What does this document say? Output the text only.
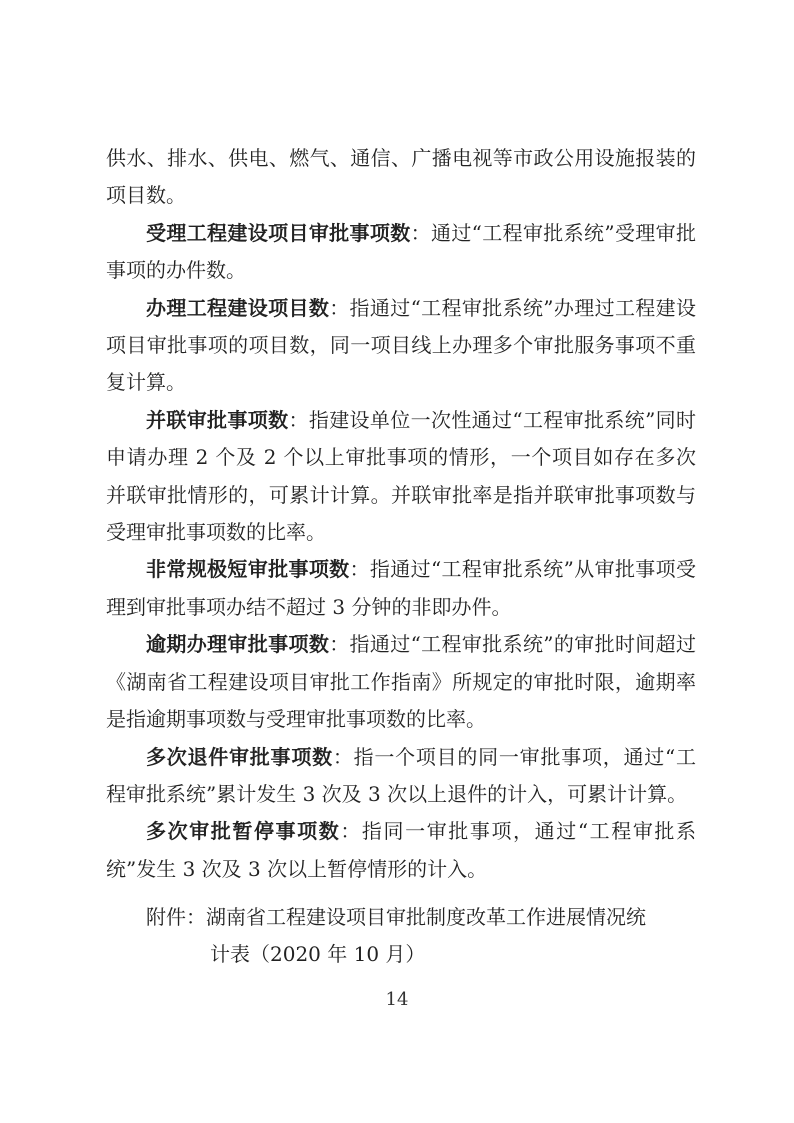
供水、排水、供电、燃气、通信、广播电视等市政公用设施报装的项目数。

受理工程建设项目审批事项数：通过“工程审批系统”受理审批事项的办件数。

办理工程建设项目数：指通过“工程审批系统”办理过工程建设项目审批事项的项目数，同一项目线上办理多个审批服务事项不重复计算。

并联审批事项数：指建设单位一次性通过“工程审批系统”同时申请办理 2 个及 2 个以上审批事项的情形，一个项目如存在多次并联审批情形的，可累计计算。并联审批率是指并联审批事项数与受理审批事项数的比率。

非常规极短审批事项数：指通过“工程审批系统”从审批事项受理到审批事项办结不超过 3 分钟的非即办件。

逾期办理审批事项数：指通过“工程审批系统”的审批时间超过《湖南省工程建设项目审批工作指南》所规定的审批时限，逾期率是指逾期事项数与受理审批事项数的比率。

多次退件审批事项数：指一个项目的同一审批事项，通过“工程审批系统”累计发生 3 次及 3 次以上退件的计入，可累计计算。

多次审批暂停事项数：指同一审批事项，通过“工程审批系统”发生 3 次及 3 次以上暂停情形的计入。

附件：湖南省工程建设项目审批制度改革工作进展情况统
计表（2020 年 10 月）
14
